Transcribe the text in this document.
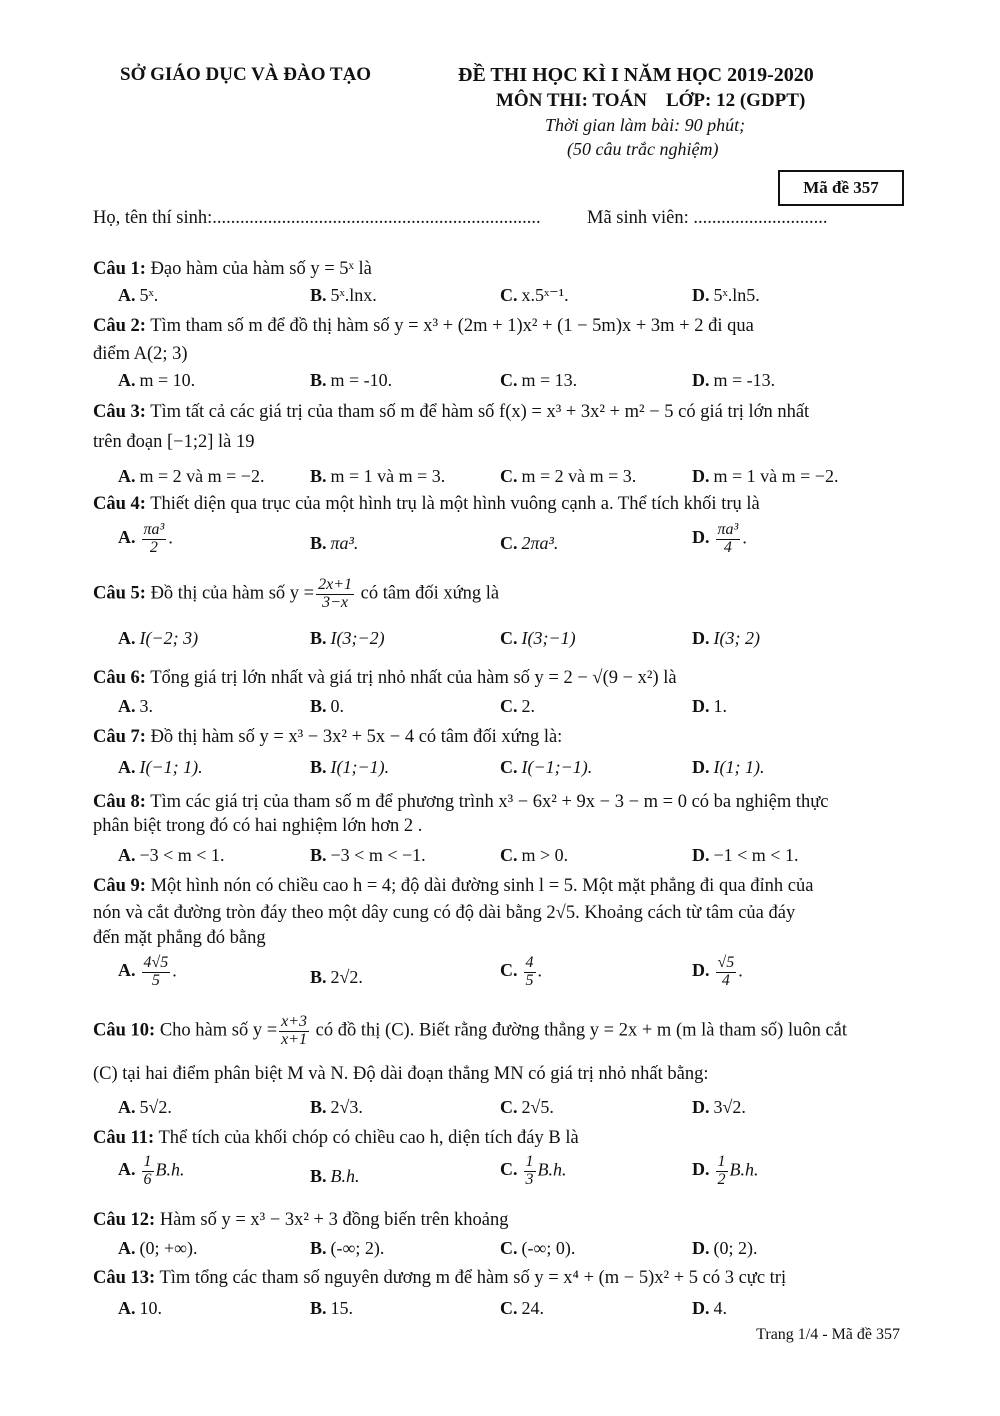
SỞ GIÁO DỤC VÀ ĐÀO TẠO	ĐỀ THI HỌC KÌ I NĂM HỌC 2019-2020
MÔN THI: TOÁN    LỚP: 12 (GDPT)
Thời gian làm bài: 90 phút;
(50 câu trắc nghiệm)
Mã đề 357
Họ, tên thí sinh:.......................................................................	Mã sinh viên: .............................
Câu 1: Đạo hàm của hàm số y = 5ˣ là
A. 5ˣ.	B. 5ˣ.lnx.	C. x.5ˣ⁻¹.	D. 5ˣ.ln5.
Câu 2: Tìm tham số m để đồ thị hàm số y = x³ + (2m + 1)x² + (1 − 5m)x + 3m + 2 đi qua
điểm A(2; 3)
A. m = 10.	B. m = -10.	C. m = 13.	D. m = -13.
Câu 3: Tìm tất cả các giá trị của tham số m để hàm số f(x) = x³ + 3x² + m² − 5 có giá trị lớn nhất
trên đoạn [−1;2] là 19
A. m = 2 và m = −2.	B. m = 1 và m = 3.	C. m = 2 và m = 3.	D. m = 1 và m = −2.
Câu 4: Thiết diện qua trục của một hình trụ là một hình vuông cạnh a. Thể tích khối trụ là
A. $\frac{\text{πa³}}{2}$ .	B. πa³.	C. 2πa³.	D. $\frac{\text{πa³}}{4}$ .
Câu 5: Đồ thị của hàm số $y = \frac{2x+1}{3-x}$ có tâm đối xứng là
A. I(−2; 3)	B. I(3;−2)	C. I(3;−1)	D. I(3; 2)
Câu 6: Tổng giá trị lớn nhất và giá trị nhỏ nhất của hàm số y = 2 − √(9 − x²) là
A. 3.	B. 0.	C. 2.	D. 1.
Câu 7: Đồ thị hàm số y = x³ − 3x² + 5x − 4 có tâm đối xứng là:
A. I(−1; 1).	B. I(1;−1).	C. I(−1;−1).	D. I(1; 1).
Câu 8: Tìm các giá trị của tham số m để phương trình x³ − 6x² + 9x − 3 − m = 0 có ba nghiệm thực
phân biệt trong đó có hai nghiệm lớn hơn 2 .
A. −3 < m < 1.	B. −3 < m < −1.	C. m > 0.	D. −1 < m < 1.
Câu 9: Một hình nón có chiều cao h = 4; độ dài đường sinh l = 5. Một mặt phẳng đi qua đỉnh của
nón và cắt đường tròn đáy theo một dây cung có độ dài bằng 2√5. Khoảng cách từ tâm của đáy
đến mặt phẳng đó bằng
A. $\frac{4√5}{5}$ .	B. 2√2.	C. $\frac{4}{5}$ .	D. $\frac{√5}{4}$ .
Câu 10: Cho hàm số $y = \frac{x+3}{x+1}$ có đồ thị (C). Biết rằng đường thẳng y = 2x + m (m là tham số) luôn cắt
(C) tại hai điểm phân biệt M và N. Độ dài đoạn thẳng MN có giá trị nhỏ nhất bằng:
A. 5√2.	B. 2√3.	C. 2√5.	D. 3√2.
Câu 11: Thể tích của khối chóp có chiều cao h, diện tích đáy B là
A. $\frac{1}{6} B.h$.	B. B.h.	C. $\frac{1}{3} B.h$.	D. $\frac{1}{2} B.h$.
Câu 12: Hàm số y = x³ − 3x² + 3 đồng biến trên khoảng
A. (0; +∞).	B. (-∞; 2).	C. (-∞; 0).	D. (0; 2).
Câu 13: Tìm tổng các tham số nguyên dương m để hàm số y = x⁴ + (m − 5)x² + 5 có 3 cực trị
A. 10.	B. 15.	C. 24.	D. 4.
Trang 1/4 - Mã đề 357
